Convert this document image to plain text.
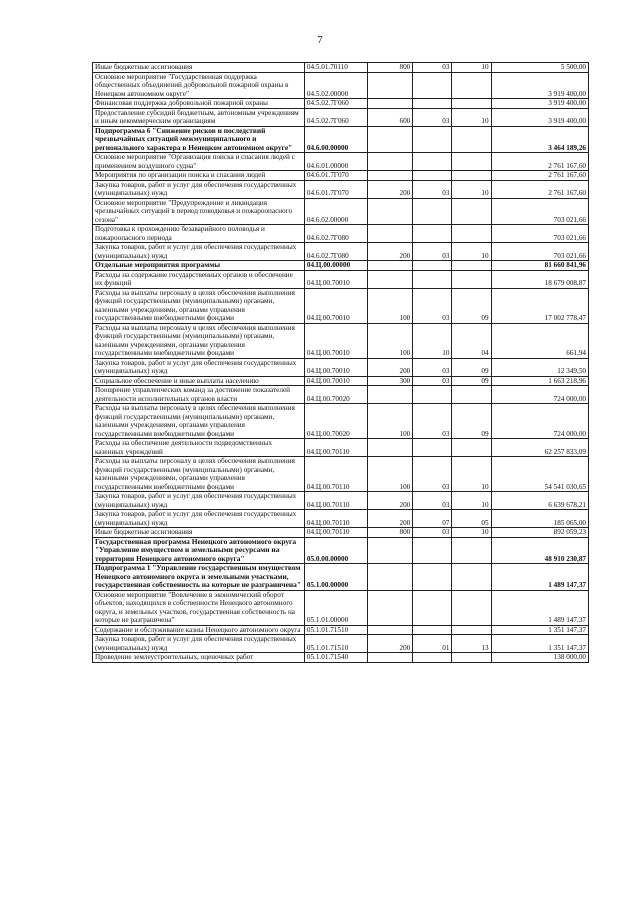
7
Иные бюджетные ассигнования	04.5.01.70110	800	03	10	5 500,00
Основное мероприятие "Государственная поддержка общественных объединений добровольной пожарной охраны в Ненецком автономном округе"	04.5.02.00000				3 919 400,00
Финансовая поддержка добровольной пожарной охраны	04.5.02.7Г060				3 919 400,00
Предоставление субсидий бюджетным, автономным учреждениям и иным некоммерческим организациям	04.5.02.7Г060	600	03	10	3 919 400,00
Подпрограмма 6 "Снижение рисков и последствий чрезвычайных ситуаций межмуниципального и регионального характера в Ненецком автономном округе"	04.6.00.00000				3 464 189,26
Основное мероприятие "Организация поиска и спасания людей с применением воздушного судна"	04.6.01.00000				2 761 167,60
Мероприятия по организации поиска и спасания людей	04.6.01.7Г070				2 761 167,60
Закупка товаров, работ и услуг для обеспечения государственных (муниципальных) нужд	04.6.01.7Г070	200	03	10	2 761 167,60
Основное мероприятие "Предупреждение и ликвидация чрезвычайных ситуаций в период поводковья и пожароопасного сезона"	04.6.02.00000				703 021,66
Подготовка к прохождению безаварийного половодья и пожароопасного периода	04.6.02.7Г080				703 021,66
Закупка товаров, работ и услуг для обеспечения государственных (муниципальных) нужд	04.6.02.7Г080	200	03	10	703 021,66
Отдельные мероприятия программы	04.Ц.00.00000				81 660 841,96
Расходы на содержание государственных органов и обеспечение их функций	04.Ц.00.70010				18 679 008,87
Расходы на выплаты персоналу в целях обеспечения выполнения функций государственными (муниципальными) органами, казенными учреждениями, органами управления государственными внебюджетными фондами	04.Ц.00.70010	100	03	09	17 002 778,47
Расходы на выплаты персоналу в целях обеспечения выполнения функций государственными (муниципальными) органами, казенными учреждениями, органами управления государственными внебюджетными фондами	04.Ц.00.70010	100	10	04	661,94
Закупка товаров, работ и услуг для обеспечения государственных (муниципальных) нужд	04.Ц.00.70010	200	03	09	12 349,50
Социальное обеспечение и иные выплаты населению	04.Ц.00.70010	300	03	09	1 663 218,96
Поощрение управленческих команд за достижение показателей деятельности исполнительных органов власти	04.Ц.00.70020				724 000,00
Расходы на выплаты персоналу в целях обеспечения выполнения функций государственными (муниципальными) органами, казенными учреждениями, органами управления государственными внебюджетными фондами	04.Ц.00.70020	100	03	09	724 000,00
Расходы на обеспечение деятельности подведомственных казенных учреждений	04.Ц.00.70110				62 257 833,09
Расходы на выплаты персоналу в целях обеспечения выполнения функций государственными (муниципальными) органами, казенными учреждениями, органами управления государственными внебюджетными фондами	04.Ц.00.70110	100	03	10	54 541 030,65
Закупка товаров, работ и услуг для обеспечения государственных (муниципальных) нужд	04.Ц.00.70110	200	03	10	6 639 678,21
Закупка товаров, работ и услуг для обеспечения государственных (муниципальных) нужд	04.Ц.00.70110	200	07	05	185 065,00
Иные бюджетные ассигнования	04.Ц.00.70110	800	03	10	892 059,23
Государственная программа Ненецкого автономного округа "Управление имуществом и земельными ресурсами на территории Ненецкого автономного округа"	05.0.00.00000				48 910 230,87
Подпрограмма 1 "Управление государственным имуществом Ненецкого автономного округа и земельными участками, государственная собственность на которые не разграничена"	05.1.00.00000				1 489 147,37
Основное мероприятие "Вовлечение в экономический оборот объектов, находящихся в собственности Ненецкого автономного округа, и земельных участков, государственная собственность на которые не разграничена"	05.1.01.00000				1 489 147,37
Содержание и обслуживание казны Ненецкого автономного округа	05.1.01.71510				1 351 147,37
Закупка товаров, работ и услуг для обеспечения государственных (муниципальных) нужд	05.1.01.71510	200	01	13	1 351 147,37
Проведение землеустроительных, оценочных работ	05.1.01.71540				138 000,00
